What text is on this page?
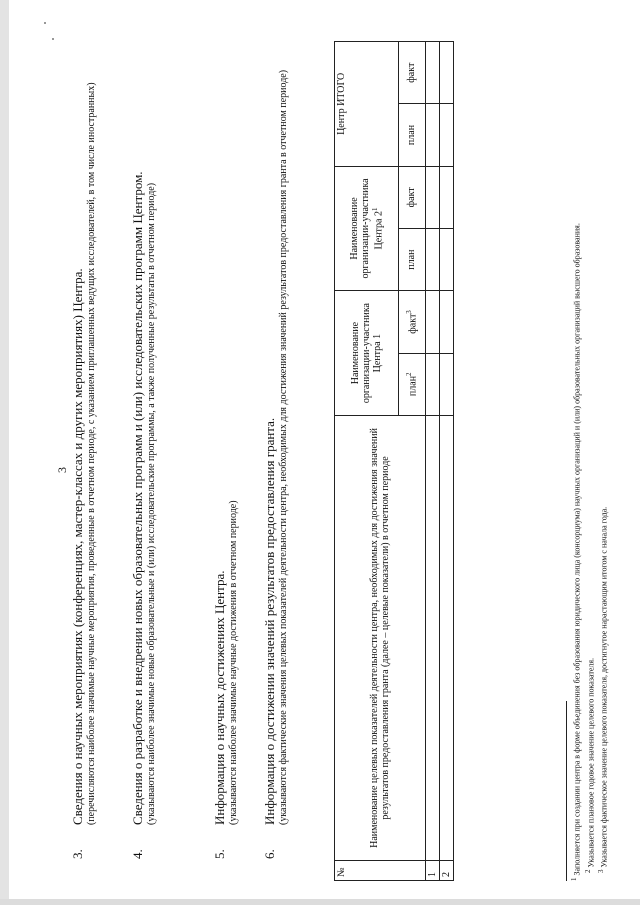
3
3.Сведения о научных мероприятиях (конференциях, мастер-классах и других мероприятиях) Центра. (перечисляются наиболее значимые научные мероприятия, проведенные в отчетном периоде, с указанием приглашенных ведущих исследователей, в том числе иностранных)
4.Сведения о разработке и внедрении новых образовательных программ и (или) исследовательских программ Центром. (указываются наиболее значимые новые образовательные и (или) исследовательские программы, а также полученные результаты в отчетном периоде)
5.Информация о научных достижениях Центра. (указываются наиболее значимые научные достижения в отчетном периоде)
6.Информация о достижении значений результатов предоставления гранта. (указываются фактические значения целевых показателей деятельности центра, необходимых для достижения значений результатов предоставления гранта в отчетном периоде)
№	Наименование целевых показателей деятельности центра, необходимых для достижения значений результатов предоставления гранта (далее – целевые показатели) в отчетном периоде	Наименование организации-участника Центра 1		Наименование организации-участника Центра $2^1$		Центр ИТОГО	
		план$^2$	факт$^3$	план	факт	план	факт
1							
2							
$^1$ Заполняется при создании центра в форме объединения без образования юридического лица (консорциума) научных организаций и (или) образовательных организаций высшего образования. $^2$ Указывается плановое годовое значение целевого показателя.
$^3$ Указывается фактическое значение целевого показателя, достигнутое нарастающим итогом с начала года.
